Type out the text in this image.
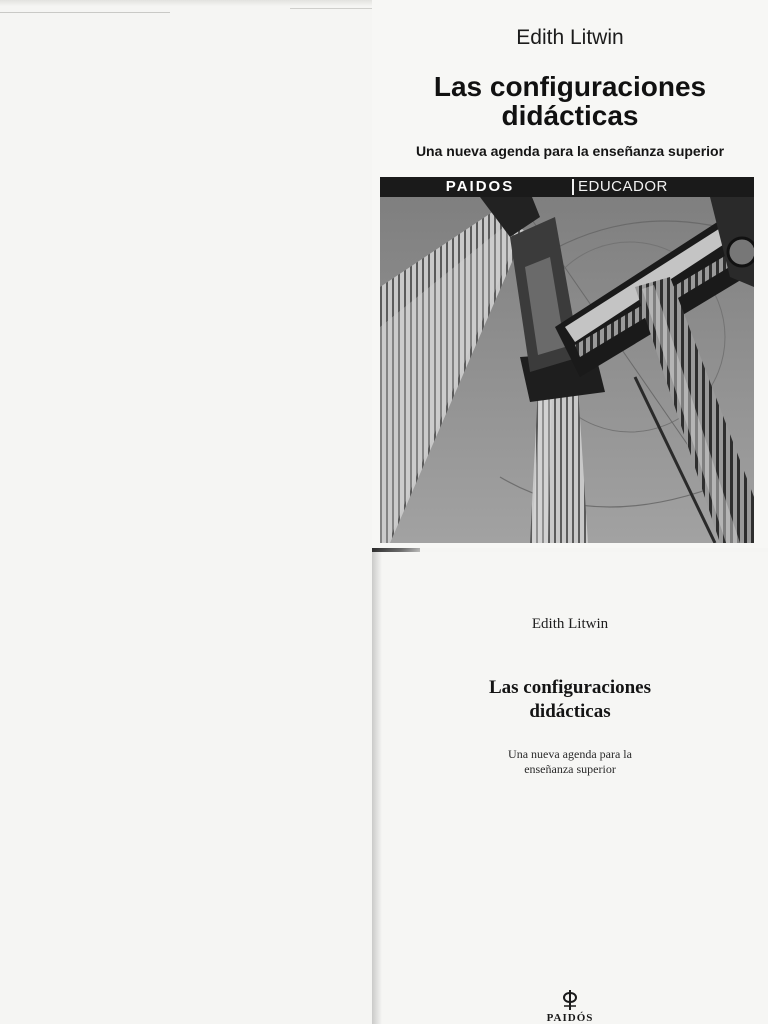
Edith Litwin
Las configuraciones
didácticas
Una nueva agenda para la enseñanza superior
PAIDOS	EDUCADOR
Edith Litwin
Las configuraciones
didácticas
Una nueva agenda para la
enseñanza superior
PAIDÓS
